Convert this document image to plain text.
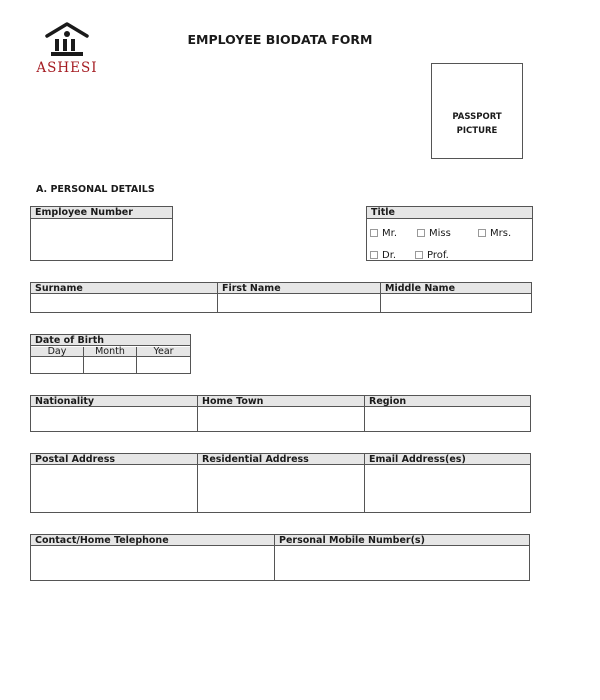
ASHESI
EMPLOYEE BIODATA FORM
PASSPORT
PICTURE
A. PERSONAL DETAILS
Employee Number	Title
Mr.	Miss	Mrs.
Dr.	Prof.
Surname	First Name	Middle Name
Date of Birth
Day	Month	Year
Nationality	Home Town	Region
Postal Address	Residential Address	Email Address(es)
Contact/Home Telephone	Personal Mobile Number(s)
